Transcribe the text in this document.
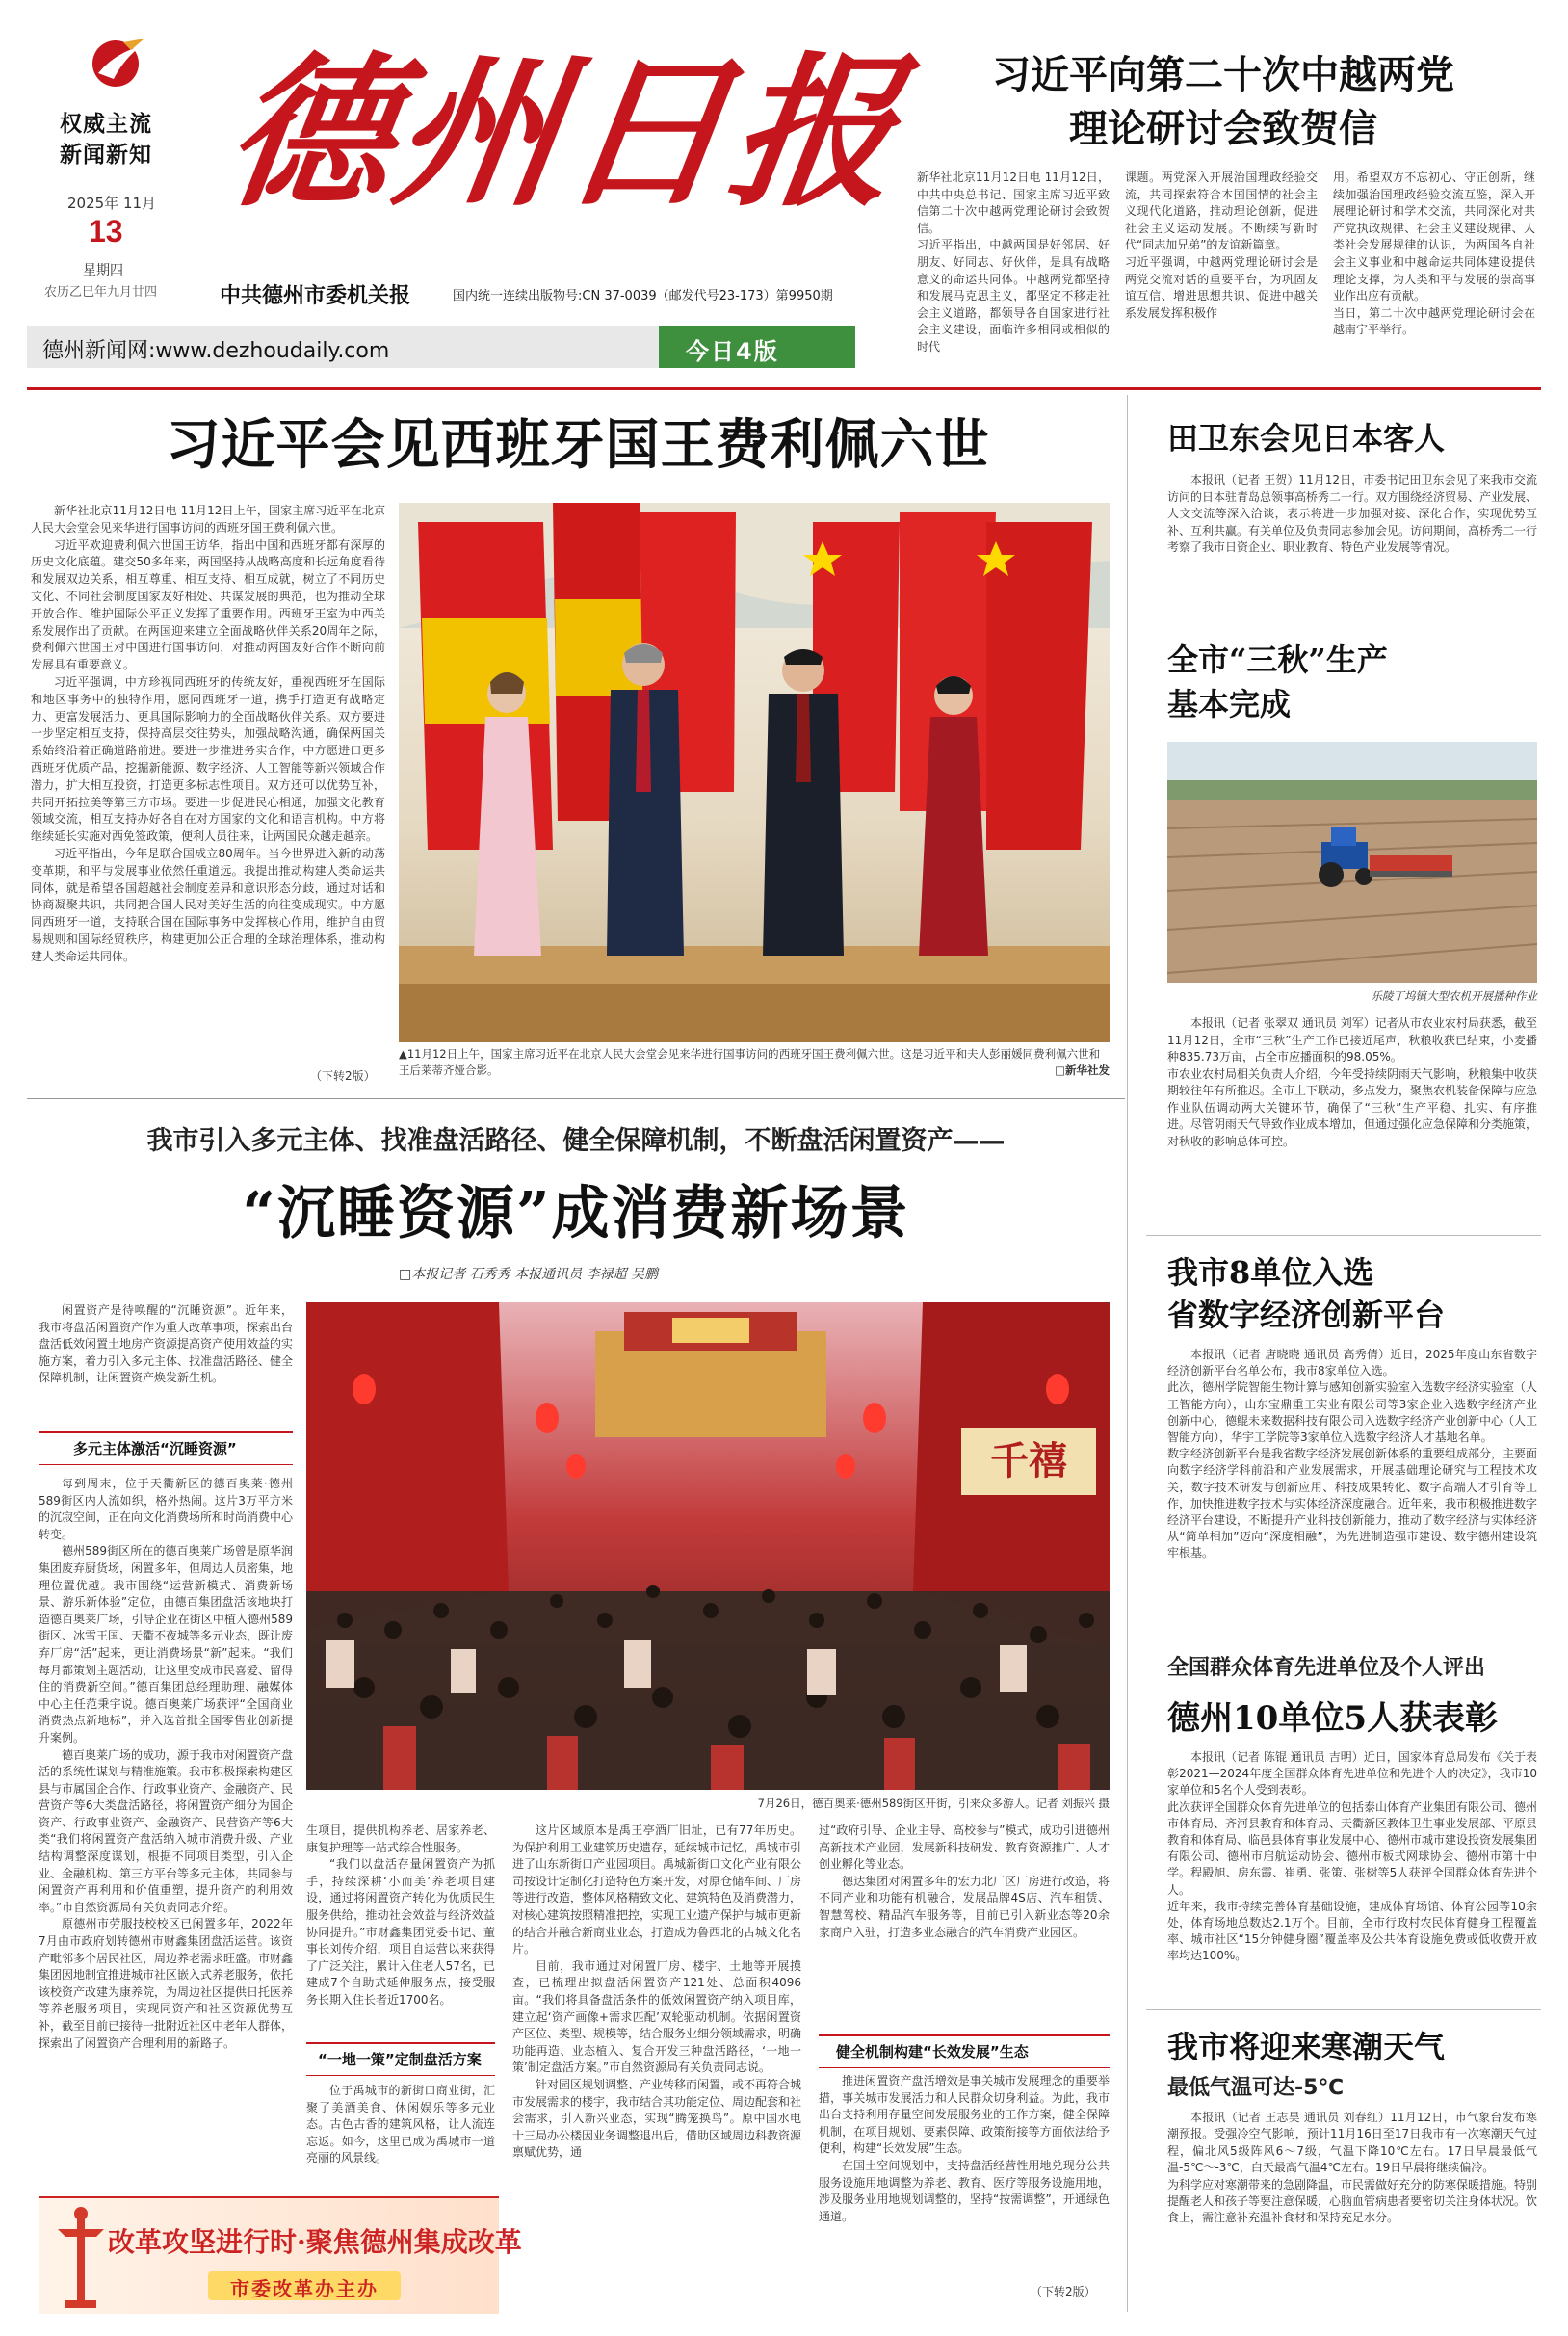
权威主流
新闻新知
2025年 11月
13
星期四
农历乙巳年九月廿四
德州日报
中共德州市委机关报	国内统一连续出版物号:CN 37-0039（邮发代号23-173）第9950期
德州新闻网:www.dezhoudaily.com	今日4版
习近平向第二十次中越两党
理论研讨会致贺信
新华社北京11月12日电 11月12日，中共中央总书记、国家主席习近平致信第二十次中越两党理论研讨会致贺信。
习近平指出，中越两国是好邻居、好朋友、好同志、好伙伴，是具有战略意义的命运共同体。中越两党都坚持和发展马克思主义，都坚定不移走社会主义道路，都领导各自国家进行社会主义建设，面临许多相同或相似的时代
课题。两党深入开展治国理政经验交流，共同探索符合本国国情的社会主义现代化道路，推动理论创新，促进社会主义运动发展。不断续写新时代“同志加兄弟”的友谊新篇章。
习近平强调，中越两党理论研讨会是两党交流对话的重要平台，为巩固友谊互信、增进思想共识、促进中越关系发展发挥积极作
用。希望双方不忘初心、守正创新，继续加强治国理政经验交流互鉴，深入开展理论研讨和学术交流，共同深化对共产党执政规律、社会主义建设规律、人类社会发展规律的认识，为两国各自社会主义事业和中越命运共同体建设提供理论支撑，为人类和平与发展的崇高事业作出应有贡献。
当日，第二十次中越两党理论研讨会在越南宁平举行。
习近平会见西班牙国王费利佩六世

新华社北京11月12日电 11月12日上午，国家主席习近平在北京人民大会堂会见来华进行国事访问的西班牙国王费利佩六世。

习近平欢迎费利佩六世国王访华，指出中国和西班牙都有深厚的历史文化底蕴。建交50多年来，两国坚持从战略高度和长远角度看待和发展双边关系，相互尊重、相互支持、相互成就，树立了不同历史文化、不同社会制度国家友好相处、共谋发展的典范，也为推动全球开放合作、维护国际公平正义发挥了重要作用。西班牙王室为中西关系发展作出了贡献。在两国迎来建立全面战略伙伴关系20周年之际，费利佩六世国王对中国进行国事访问，对推动两国友好合作不断向前发展具有重要意义。

习近平强调，中方珍视同西班牙的传统友好，重视西班牙在国际和地区事务中的独特作用，愿同西班牙一道，携手打造更有战略定力、更富发展活力、更具国际影响力的全面战略伙伴关系。双方要进一步坚定相互支持，保持高层交往势头，加强战略沟通，确保两国关系始终沿着正确道路前进。要进一步推进务实合作，中方愿进口更多西班牙优质产品，挖掘新能源、数字经济、人工智能等新兴领域合作潜力，扩大相互投资，打造更多标志性项目。双方还可以优势互补，共同开拓拉美等第三方市场。要进一步促进民心相通，加强文化教育领域交流，相互支持办好各自在对方国家的文化和语言机构。中方将继续延长实施对西免签政策，便利人员往来，让两国民众越走越亲。

习近平指出，今年是联合国成立80周年。当今世界进入新的动荡变革期，和平与发展事业依然任重道远。我提出推动构建人类命运共同体，就是希望各国超越社会制度差异和意识形态分歧，通过对话和协商凝聚共识，共同把合国人民对美好生活的向往变成现实。中方愿同西班牙一道，支持联合国在国际事务中发挥核心作用，维护自由贸易规则和国际经贸秩序，构建更加公正合理的全球治理体系，推动构建人类命运共同体。

（下转2版）
▲11月12日上午，国家主席习近平在北京人民大会堂会见来华进行国事访问的西班牙国王费利佩六世。这是习近平和夫人彭丽媛同费利佩六世和王后莱蒂齐娅合影。	□新华社发
我市引入多元主体、找准盘活路径、健全保障机制，不断盘活闲置资产——
“沉睡资源”成消费新场景
□本报记者 石秀秀 本报通讯员 李禄超 吴鹏
闲置资产是待唤醒的“沉睡资源”。近年来，我市将盘活闲置资产作为重大改革事项，探索出台盘活低效闲置土地房产资源提高资产使用效益的实施方案，着力引入多元主体、找准盘活路径、健全保障机制，让闲置资产焕发新生机。
多元主体激活“沉睡资源”

每到周末，位于天衢新区的德百奥莱·德州589街区内人流如织，格外热闹。这片3万平方米的沉寂空间，正在向文化消费场所和时尚消费中心转变。

德州589街区所在的德百奥莱广场曾是原华润集团废弃厨货场，闲置多年，但周边人员密集，地理位置优越。我市围绕“运营新模式、消费新场景、游乐新体验”定位，由德百集团盘活该地块打造德百奥莱广场，引导企业在街区中植入德州589街区、冰雪王国、天衢不夜城等多元业态，既让废弃厂房“活”起来，更让消费场景“新”起来。“我们每月都策划主题活动，让这里变成市民喜爱、留得住的消费新空间。”德百集团总经理助理、融媒体中心主任范秉宇说。德百奥莱广场获评“全国商业消费热点新地标”，并入选首批全国零售业创新提升案例。

德百奥莱广场的成功，源于我市对闲置资产盘活的系统性谋划与精准施策。我市积极探索构建区县与市属国企合作、行政事业资产、金融资产、民营资产等6大类盘活路径，将闲置资产细分为国企资产、行政事业资产、金融资产、民营资产等6大类“我们将闲置资产盘活纳入城市消费升级、产业结构调整深度谋划，根据不同项目类型，引入企业、金融机构、第三方平台等多元主体，共同参与闲置资产再利用和价值重塑，提升资产的利用效率。”市自然资源局有关负责同志介绍。

原德州市劳服技校校区已闲置多年，2022年7月由市政府划转德州市财鑫集团盘活运营。该资产毗邻多个居民社区，周边养老需求旺盛。市财鑫集团因地制宜推进城市社区嵌入式养老服务，依托该校资产改建为康养院，为周边社区提供日托医养等养老服务项目，实现同资产和社区资源优势互补，截至目前已接待一批附近社区中老年人群体，探索出了闲置资产合理利用的新路子。

千禧
7月26日，德百奥莱·德州589街区开街，引来众多游人。记者 刘振兴 摄

生项目，提供机构养老、居家养老、康复护理等一站式综合性服务。

“我们以盘活存量闲置资产为抓手，持续深耕‘小而美’养老项目建设，通过将闲置资产转化为优质民生服务供给，推动社会效益与经济效益协同提升。”市财鑫集团党委书记、董事长刘传介绍，项目自运营以来获得了广泛关注，累计入住老人57名，已建成7个自助式延伸服务点，接受服务长期入住长者近1700名。

“一地一策”定制盘活方案
位于禹城市的新街口商业街，汇聚了美酒美食、休闲娱乐等多元业态。古色古香的建筑风格，让人流连忘返。如今，这里已成为禹城市一道亮丽的风景线。

这片区域原本是禹王亭酒厂旧址，已有77年历史。为保护利用工业建筑历史遗存，延续城市记忆，禹城市引进了山东新街口产业园项目。禹城新街口文化产业有限公司按设计定制化打造特色方案开发，对原仓储车间、厂房等进行改造，整体风格精致文化、建筑特色及消费潜力，对核心建筑按照精准把控，实现工业遗产保护与城市更新的结合并融合新商业业态，打造成为鲁西北的古城文化名片。

目前，我市通过对闲置厂房、楼宇、土地等开展摸查，已梳理出拟盘活闲置资产121处、总面积4096亩。“我们将具备盘活条件的低效闲置资产纳入项目库，建立起‘资产画像+需求匹配’双轮驱动机制。依据闲置资产区位、类型、规模等，结合服务业细分领域需求，明确功能再造、业态植入、复合开发三种盘活路径，‘一地一策’制定盘活方案。”市自然资源局有关负责同志说。

针对园区规划调整、产业转移而闲置，或不再符合城市发展需求的楼宇，我市结合其功能定位、周边配套和社会需求，引入新兴业态，实现“腾笼换鸟”。原中国水电十三局办公楼因业务调整退出后，借助区域周边科教资源禀赋优势，通

过“政府引导、企业主导、高校参与”模式，成功引进德州高新技术产业园，发展新科技研发、教育资源推广、人才创业孵化等业态。

德达集团对闲置多年的宏力北厂区厂房进行改造，将不同产业和功能有机融合，发展品牌4S店、汽车租赁、智慧驾校、精品汽车服务等，目前已引入新业态等20余家商户入驻，打造多业态融合的汽车消费产业园区。

健全机制构建“长效发展”生态

推进闲置资产盘活增效是事关城市发展理念的重要举措，事关城市发展活力和人民群众切身利益。为此，我市出台支持利用存量空间发展服务业的工作方案，健全保障机制，在项目规划、要素保障、政策衔接等方面依法给予便利，构建“长效发展”生态。

在国土空间规划中，支持盘活经营性用地兑现分公共服务设施用地调整为养老、教育、医疗等服务设施用地，涉及服务业用地规划调整的，坚持“按需调整”，开通绿色通道。

（下转2版）
改革攻坚进行时·聚焦德州集成改革
市委改革办主办
田卫东会见日本客人
本报讯（记者 王贺）11月12日，市委书记田卫东会见了来我市交流访问的日本驻青岛总领事高桥秀二一行。双方围绕经济贸易、产业发展、人文交流等深入洽谈，表示将进一步加强对接、深化合作，实现优势互补、互利共赢。有关单位及负责同志参加会见。访问期间，高桥秀二一行考察了我市日资企业、职业教育、特色产业发展等情况。
全市“三秋”生产
基本完成
乐陵丁坞镇大型农机开展播种作业
本报讯（记者 张翠双 通讯员 刘军）记者从市农业农村局获悉，截至11月12日，全市“三秋”生产工作已接近尾声，秋粮收获已结束，小麦播种835.73万亩，占全市应播面积的98.05%。
市农业农村局相关负责人介绍，今年受持续阴雨天气影响，秋粮集中收获期较往年有所推迟。全市上下联动，多点发力，聚焦农机装备保障与应急作业队伍调动两大关键环节，确保了“三秋”生产平稳、扎实、有序推进。尽管阴雨天气导致作业成本增加，但通过强化应急保障和分类施策，对秋收的影响总体可控。
我市8单位入选
省数字经济创新平台
本报讯（记者 唐晓晓 通讯员 高秀倩）近日，2025年度山东省数字经济创新平台名单公布，我市8家单位入选。
此次，德州学院智能生物计算与感知创新实验室入选数字经济实验室（人工智能方向），山东宝鼎重工实业有限公司等3家企业入选数字经济产业创新中心，德鲲未来数据科技有限公司入选数字经济产业创新中心（人工智能方向），华宇工学院等3家单位入选数字经济人才基地名单。
数字经济创新平台是我省数字经济发展创新体系的重要组成部分，主要面向数字经济学科前沿和产业发展需求，开展基础理论研究与工程技术攻关，数字技术研发与创新应用、科技成果转化、数字高端人才引育等工作，加快推进数字技术与实体经济深度融合。近年来，我市积极推进数字经济平台建设，不断提升产业科技创新能力，推动了数字经济与实体经济从“简单相加”迈向“深度相融”，为先进制造强市建设、数字德州建设筑牢根基。
全国群众体育先进单位及个人评出
德州10单位5人获表彰
本报讯（记者 陈锟 通讯员 吉明）近日，国家体育总局发布《关于表彰2021—2024年度全国群众体育先进单位和先进个人的决定》，我市10家单位和5名个人受到表彰。
此次获评全国群众体育先进单位的包括泰山体育产业集团有限公司、德州市体育局、齐河县教育和体育局、天衢新区教体卫生事业发展部、平原县教育和体育局、临邑县体育事业发展中心、德州市城市建设投资发展集团有限公司、德州市启航运动协会、德州市板式网球协会、德州市第十中学。程殿旭、房东霞、崔勇、张策、张树等5人获评全国群众体育先进个人。
近年来，我市持续完善体育基础设施，建成体育场馆、体育公园等10余处，体育场地总数达2.1万个。目前，全市行政村农民体育健身工程覆盖率、城市社区“15分钟健身圈”覆盖率及公共体育设施免费或低收费开放率均达100%。
我市将迎来寒潮天气
最低气温可达-5℃
本报讯（记者 王志昊 通讯员 刘春红）11月12日，市气象台发布寒潮预报。受强冷空气影响，预计11月16日至17日我市有一次寒潮天气过程，偏北风5级阵风6～7级，气温下降10℃左右。17日早晨最低气温-5℃～-3℃，白天最高气温4℃左右。19日早晨将继续偏冷。
为科学应对寒潮带来的急剧降温，市民需做好充分的防寒保暖措施。特别提醒老人和孩子等要注意保暖，心脑血管病患者要密切关注身体状况。饮食上，需注意补充温补食材和保持充足水分。
